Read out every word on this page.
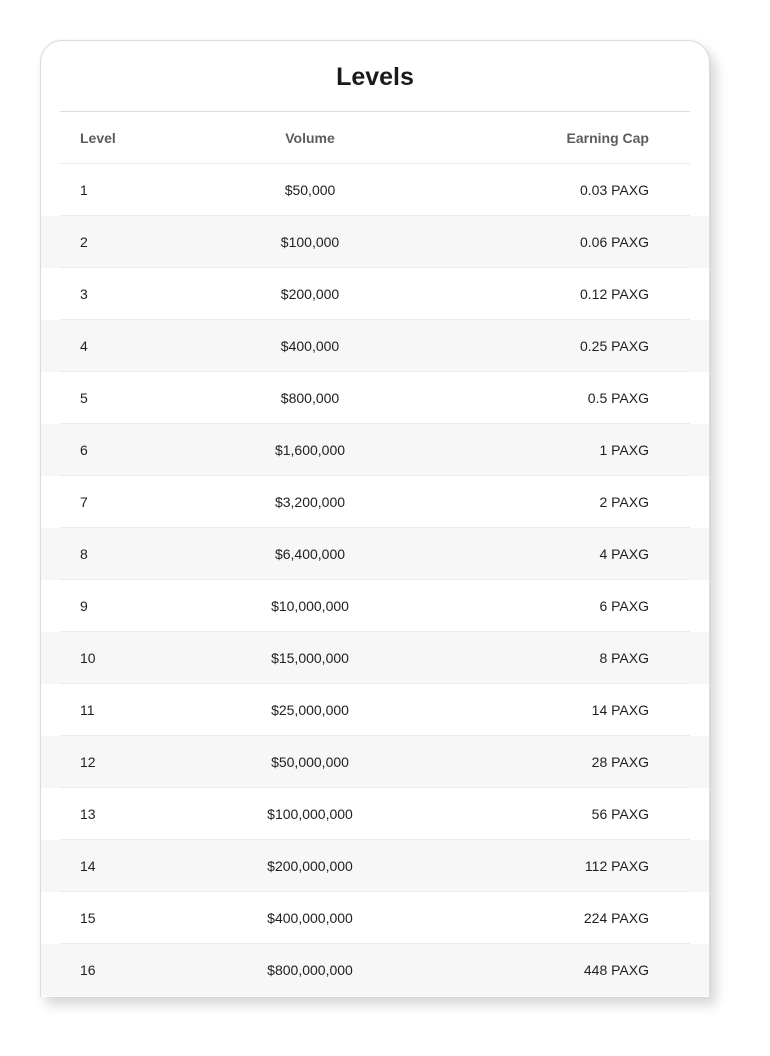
Levels
Level	Volume	Earning Cap
1	$50,000	0.03 PAXG
2	$100,000	0.06 PAXG
3	$200,000	0.12 PAXG
4	$400,000	0.25 PAXG
5	$800,000	0.5 PAXG
6	$1,600,000	1 PAXG
7	$3,200,000	2 PAXG
8	$6,400,000	4 PAXG
9	$10,000,000	6 PAXG
10	$15,000,000	8 PAXG
11	$25,000,000	14 PAXG
12	$50,000,000	28 PAXG
13	$100,000,000	56 PAXG
14	$200,000,000	112 PAXG
15	$400,000,000	224 PAXG
16	$800,000,000	448 PAXG
